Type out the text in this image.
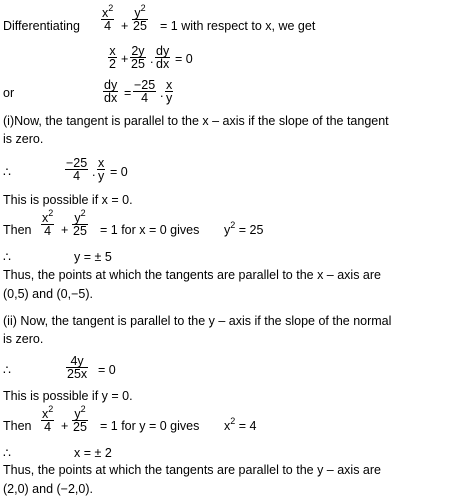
Differentiating $\frac{x^2}{4} + \frac{y^2}{25} = 1$ with respect to x, we get
$\frac{x}{2} + \frac{2y}{25}$ . $\frac{dy}{dx} = 0$
or	$\frac{dy}{dx} = \frac{-25}{4}$ . $\frac{x}{y}$
(i)Now, the tangent is parallel to the x – axis if the slope of the tangent
is zero.
∴	$\frac{-25}{4}$ . $\frac{x}{y} = 0$
This is possible if x = 0.
Then $\frac{x^2}{4} + \frac{y^2}{25} = 1$ for x = 0 gives $y^2 = 25$
∴	y = ± 5
Thus, the points at which the tangents are parallel to the x – axis are
(0,5) and (0,−5).
(ii) Now, the tangent is parallel to the y – axis if the slope of the normal
is zero.
∴	$\frac{4y}{25x} = 0$
This is possible if y = 0.
Then $\frac{x^2}{4} + \frac{y^2}{25} = 1$ for y = 0 gives $x^2 = 4$
∴	x = ± 2
Thus, the points at which the tangents are parallel to the y – axis are
(2,0) and (−2,0).
